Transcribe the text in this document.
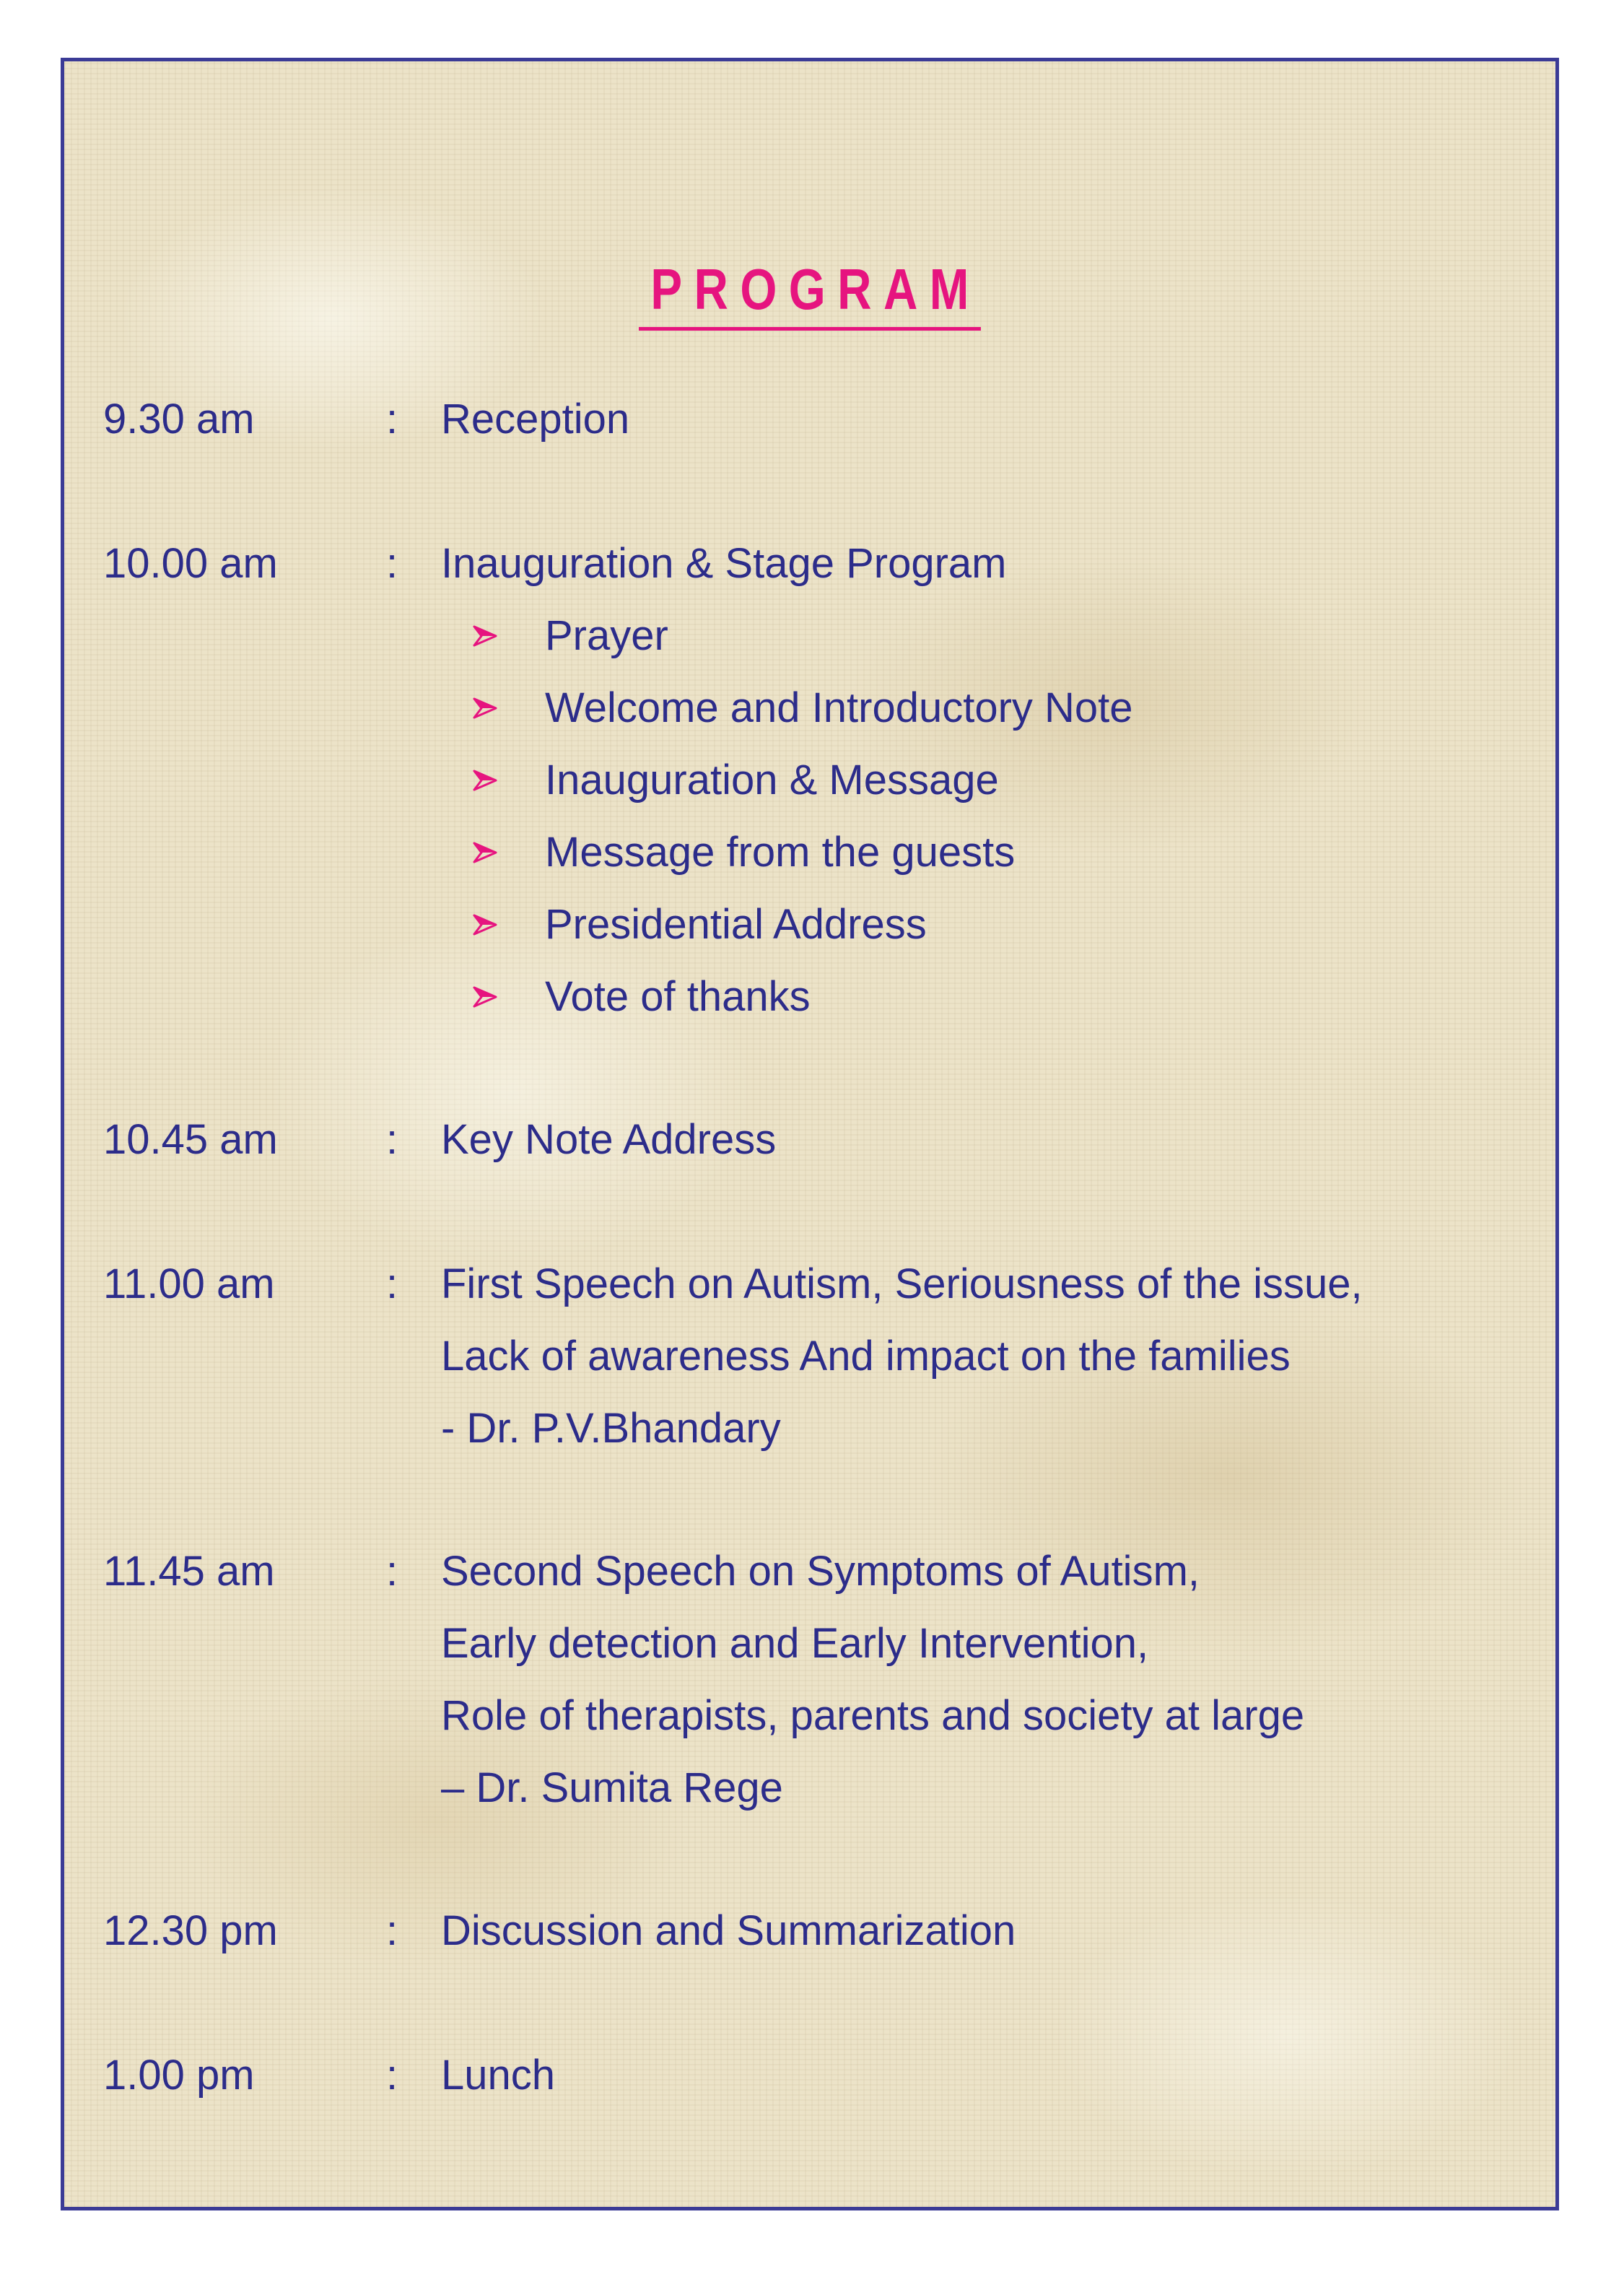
PROGRAM
9.30 am	: Reception
10.00 am	: Inauguration & Stage Program
Prayer
Welcome and Introductory Note
Inauguration & Message
Message from the guests
Presidential Address
Vote of thanks
10.45 am	: Key Note Address
11.00 am	: First Speech on Autism, Seriousness of the issue,
Lack of awareness And impact on the families
- Dr. P.V.Bhandary
11.45 am	: Second Speech on Symptoms of Autism,
Early detection and Early Intervention,
Role of therapists, parents and society at large
– Dr. Sumita Rege
12.30 pm	: Discussion and Summarization
1.00 pm	: Lunch
